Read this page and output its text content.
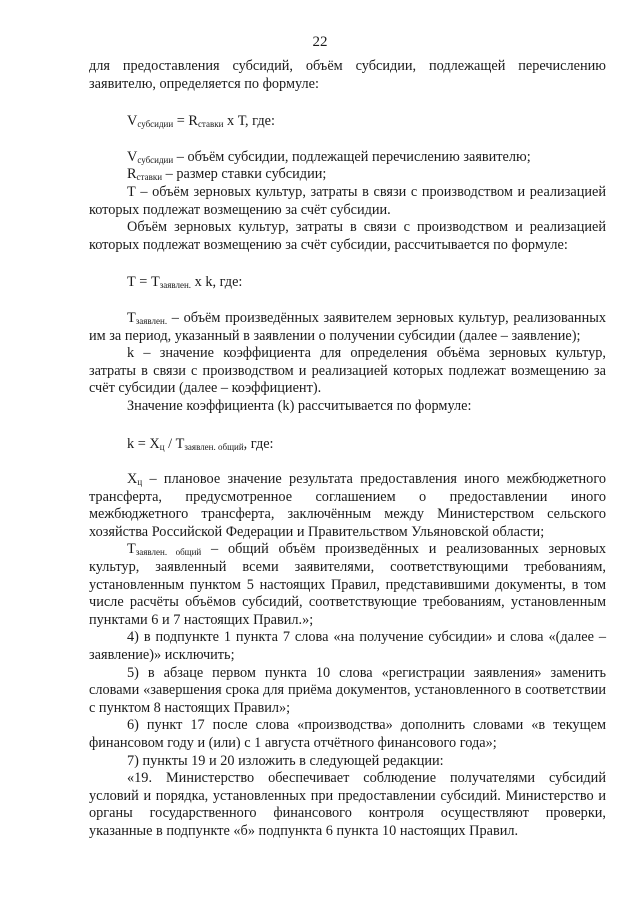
22

для предоставления субсидий, объём субсидии, подлежащей перечислению заявителю, определяется по формуле:

$V_{субсидии} = R_{ставки}$ х Т, где:

$V_{субсидии}$ – объём субсидии, подлежащей перечислению заявителю;

$R_{ставки}$ – размер ставки субсидии;

Т – объём зерновых культур, затраты в связи с производством и реализацией которых подлежат возмещению за счёт субсидии.

Объём зерновых культур, затраты в связи с производством и реализацией которых подлежат возмещению за счёт субсидии, рассчитывается по формуле:

$Т = Т_{заявлен.}$ х k, где:

$Т_{заявлен.}$ – объём произведённых заявителем зерновых культур, реализованных им за период, указанный в заявлении о получении субсидии (далее – заявление);

k – значение коэффициента для определения объёма зерновых культур, затраты в связи с производством и реализацией которых подлежат возмещению за счёт субсидии (далее – коэффициент).

Значение коэффициента (k) рассчитывается по формуле:

$k = Х_ц / Т_{заявлен. общий}$, где:

$Х_ц$ – плановое значение результата предоставления иного межбюджетного трансферта, предусмотренное соглашением о предоставлении иного межбюджетного трансферта, заключённым между Министерством сельского хозяйства Российской Федерации и Правительством Ульяновской области;

$Т_{заявлен. общий}$ – общий объём произведённых и реализованных зерновых культур, заявленный всеми заявителями, соответствующими требованиям, установленным пунктом 5 настоящих Правил, представившими документы, в том числе расчёты объёмов субсидий, соответствующие требованиям, установленным пунктами 6 и 7 настоящих Правил.»;

4) в подпункте 1 пункта 7 слова «на получение субсидии» и слова «(далее – заявление)» исключить;

5) в абзаце первом пункта 10 слова «регистрации заявления» заменить словами «завершения срока для приёма документов, установленного в соответствии с пунктом 8 настоящих Правил»;

6) пункт 17 после слова «производства» дополнить словами «в текущем финансовом году и (или) с 1 августа отчётного финансового года»;

7) пункты 19 и 20 изложить в следующей редакции:

«19. Министерство обеспечивает соблюдение получателями субсидий условий и порядка, установленных при предоставлении субсидий. Министерство и органы государственного финансового контроля осуществляют проверки, указанные в подпункте «б» подпункта 6 пункта 10 настоящих Правил.
